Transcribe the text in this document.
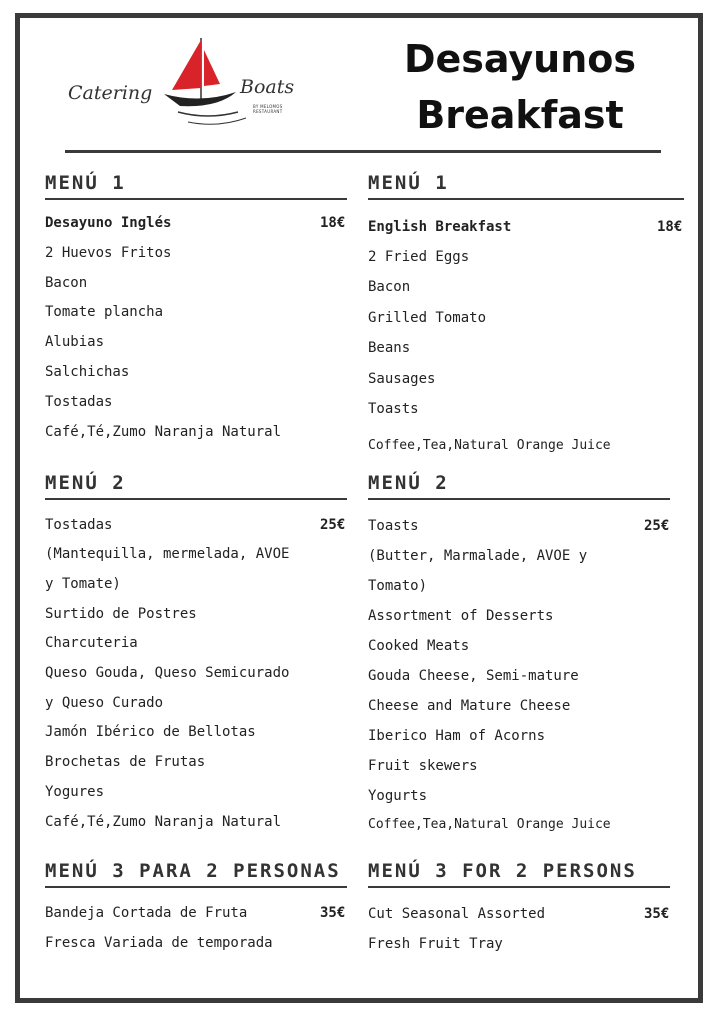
Catering	Boats
BY MELOMOS RESTAURANT
Desayunos
Breakfast
MENÚ 1
Desayuno Inglés	18€
2 Huevos Fritos
Bacon
Tomate plancha
Alubias
Salchichas
Tostadas
Café,Té,Zumo Naranja Natural
MENÚ 2
Tostadas	25€
(Mantequilla, mermelada, AVOE
y Tomate)
Surtido de Postres
Charcuteria
Queso Gouda, Queso Semicurado
y Queso Curado
Jamón Ibérico de Bellotas
Brochetas de Frutas
Yogures
Café,Té,Zumo Naranja Natural
MENÚ 3 PARA 2 PERSONAS
Bandeja Cortada de Fruta	35€
Fresca Variada de temporada
MENÚ 1
English Breakfast	18€
2 Fried Eggs
Bacon
Grilled Tomato
Beans
Sausages
Toasts
Coffee,Tea,Natural Orange Juice
MENÚ 2
Toasts	25€
(Butter, Marmalade, AVOE y
Tomato)
Assortment of Desserts
Cooked Meats
Gouda Cheese, Semi-mature
Cheese and Mature Cheese
Iberico Ham of Acorns
Fruit skewers
Yogurts
Coffee,Tea,Natural Orange Juice
MENÚ 3 FOR 2 PERSONS
Cut Seasonal Assorted	35€
Fresh Fruit Tray
